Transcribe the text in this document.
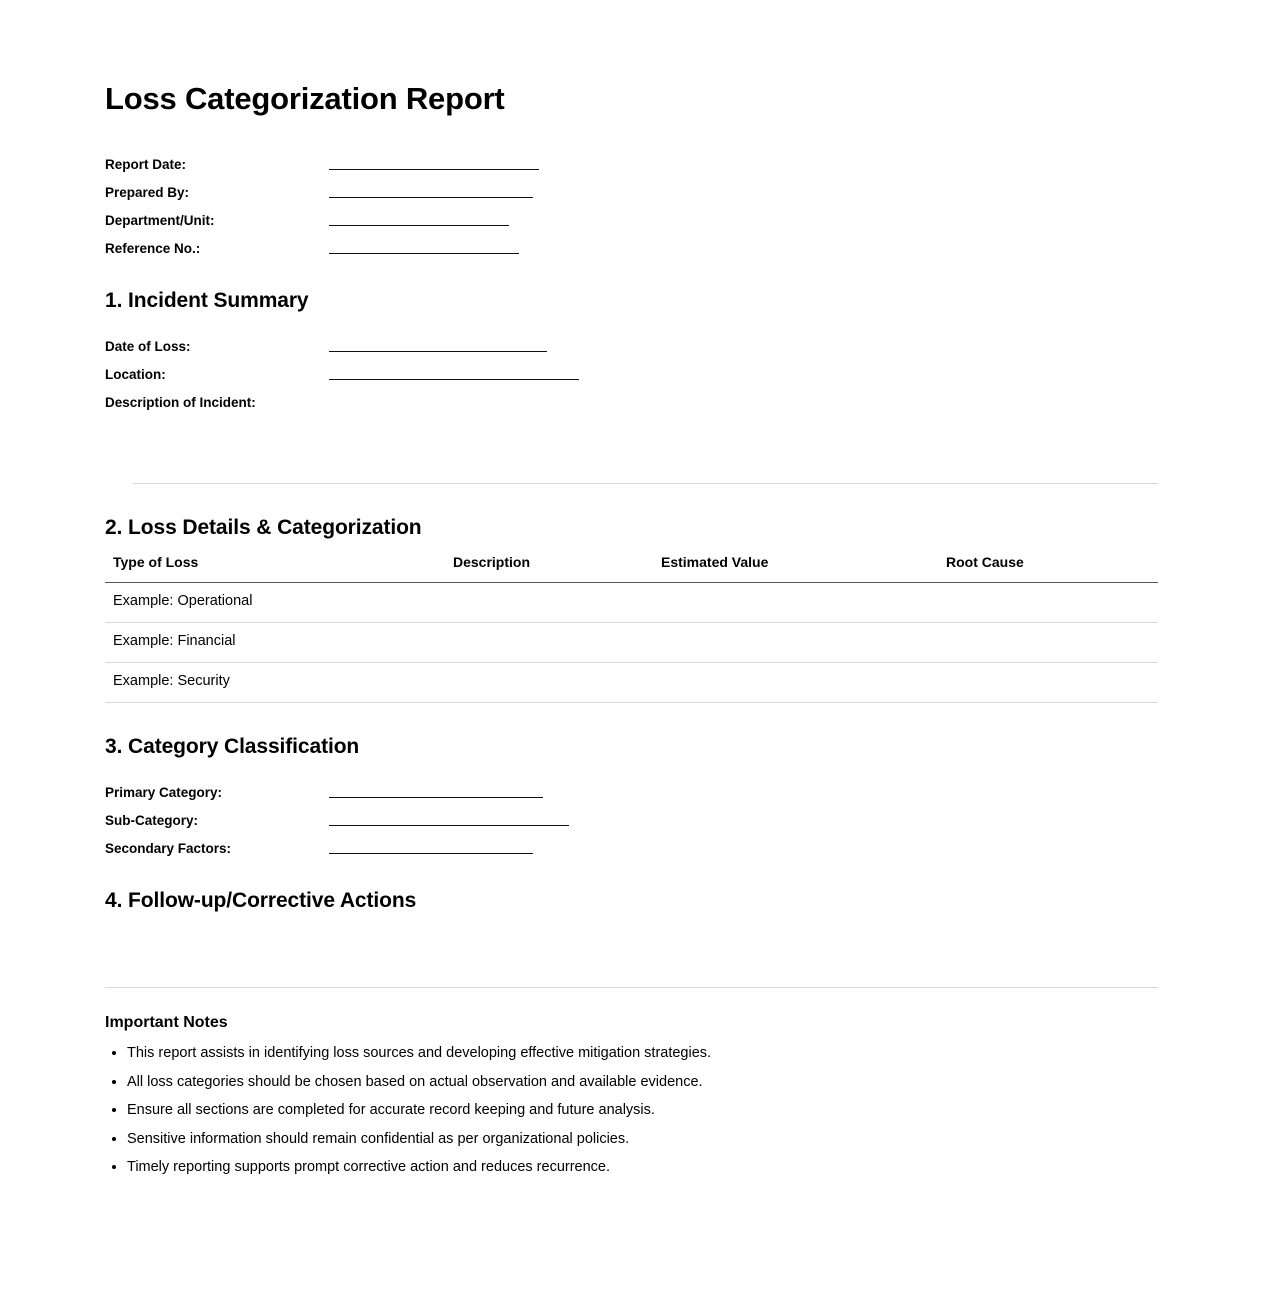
Loss Categorization Report
Report Date:
Prepared By:
Department/Unit:
Reference No.:
1. Incident Summary
Date of Loss:
Location:
Description of Incident:
2. Loss Details & Categorization
Type of Loss	Description	Estimated Value	Root Cause
Example: Operational			
Example: Financial			
Example: Security			
3. Category Classification
Primary Category:
Sub-Category:
Secondary Factors:
4. Follow-up/Corrective Actions
Important Notes
• This report assists in identifying loss sources and developing effective mitigation strategies.
• All loss categories should be chosen based on actual observation and available evidence.
• Ensure all sections are completed for accurate record keeping and future analysis.
• Sensitive information should remain confidential as per organizational policies.
• Timely reporting supports prompt corrective action and reduces recurrence.
